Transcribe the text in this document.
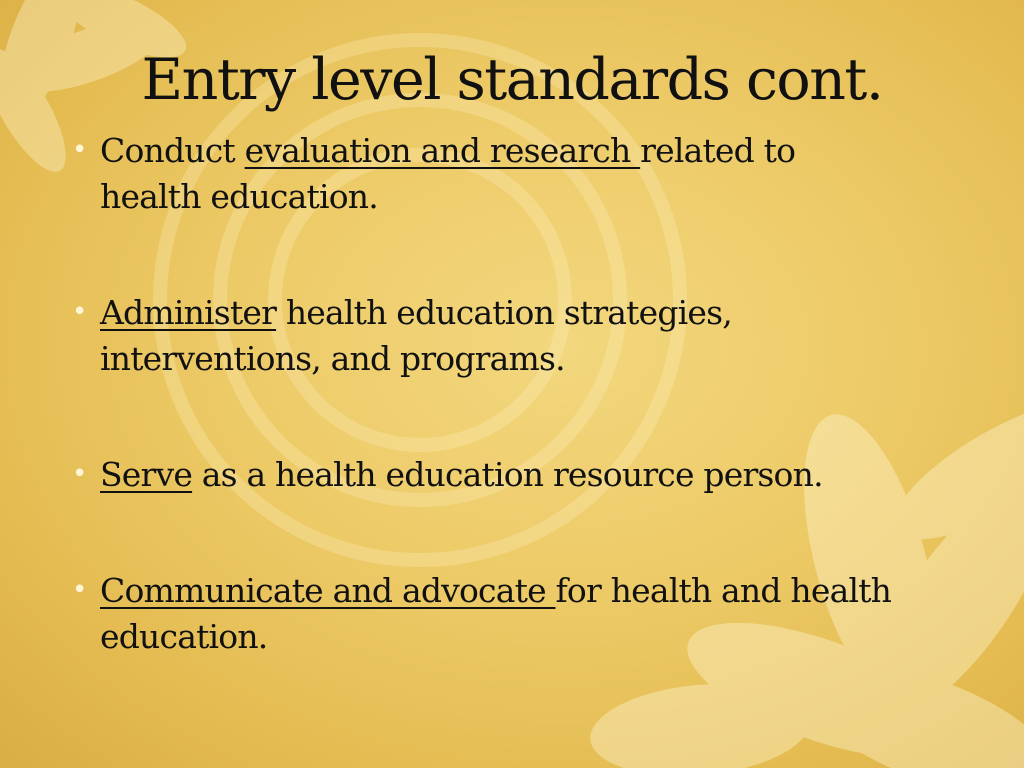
Entry level standards cont.
• Conduct evaluation and research related to health education.
• Administer health education strategies, interventions, and programs.
• Serve as a health education resource person.
• Communicate and advocate for health and health education.
